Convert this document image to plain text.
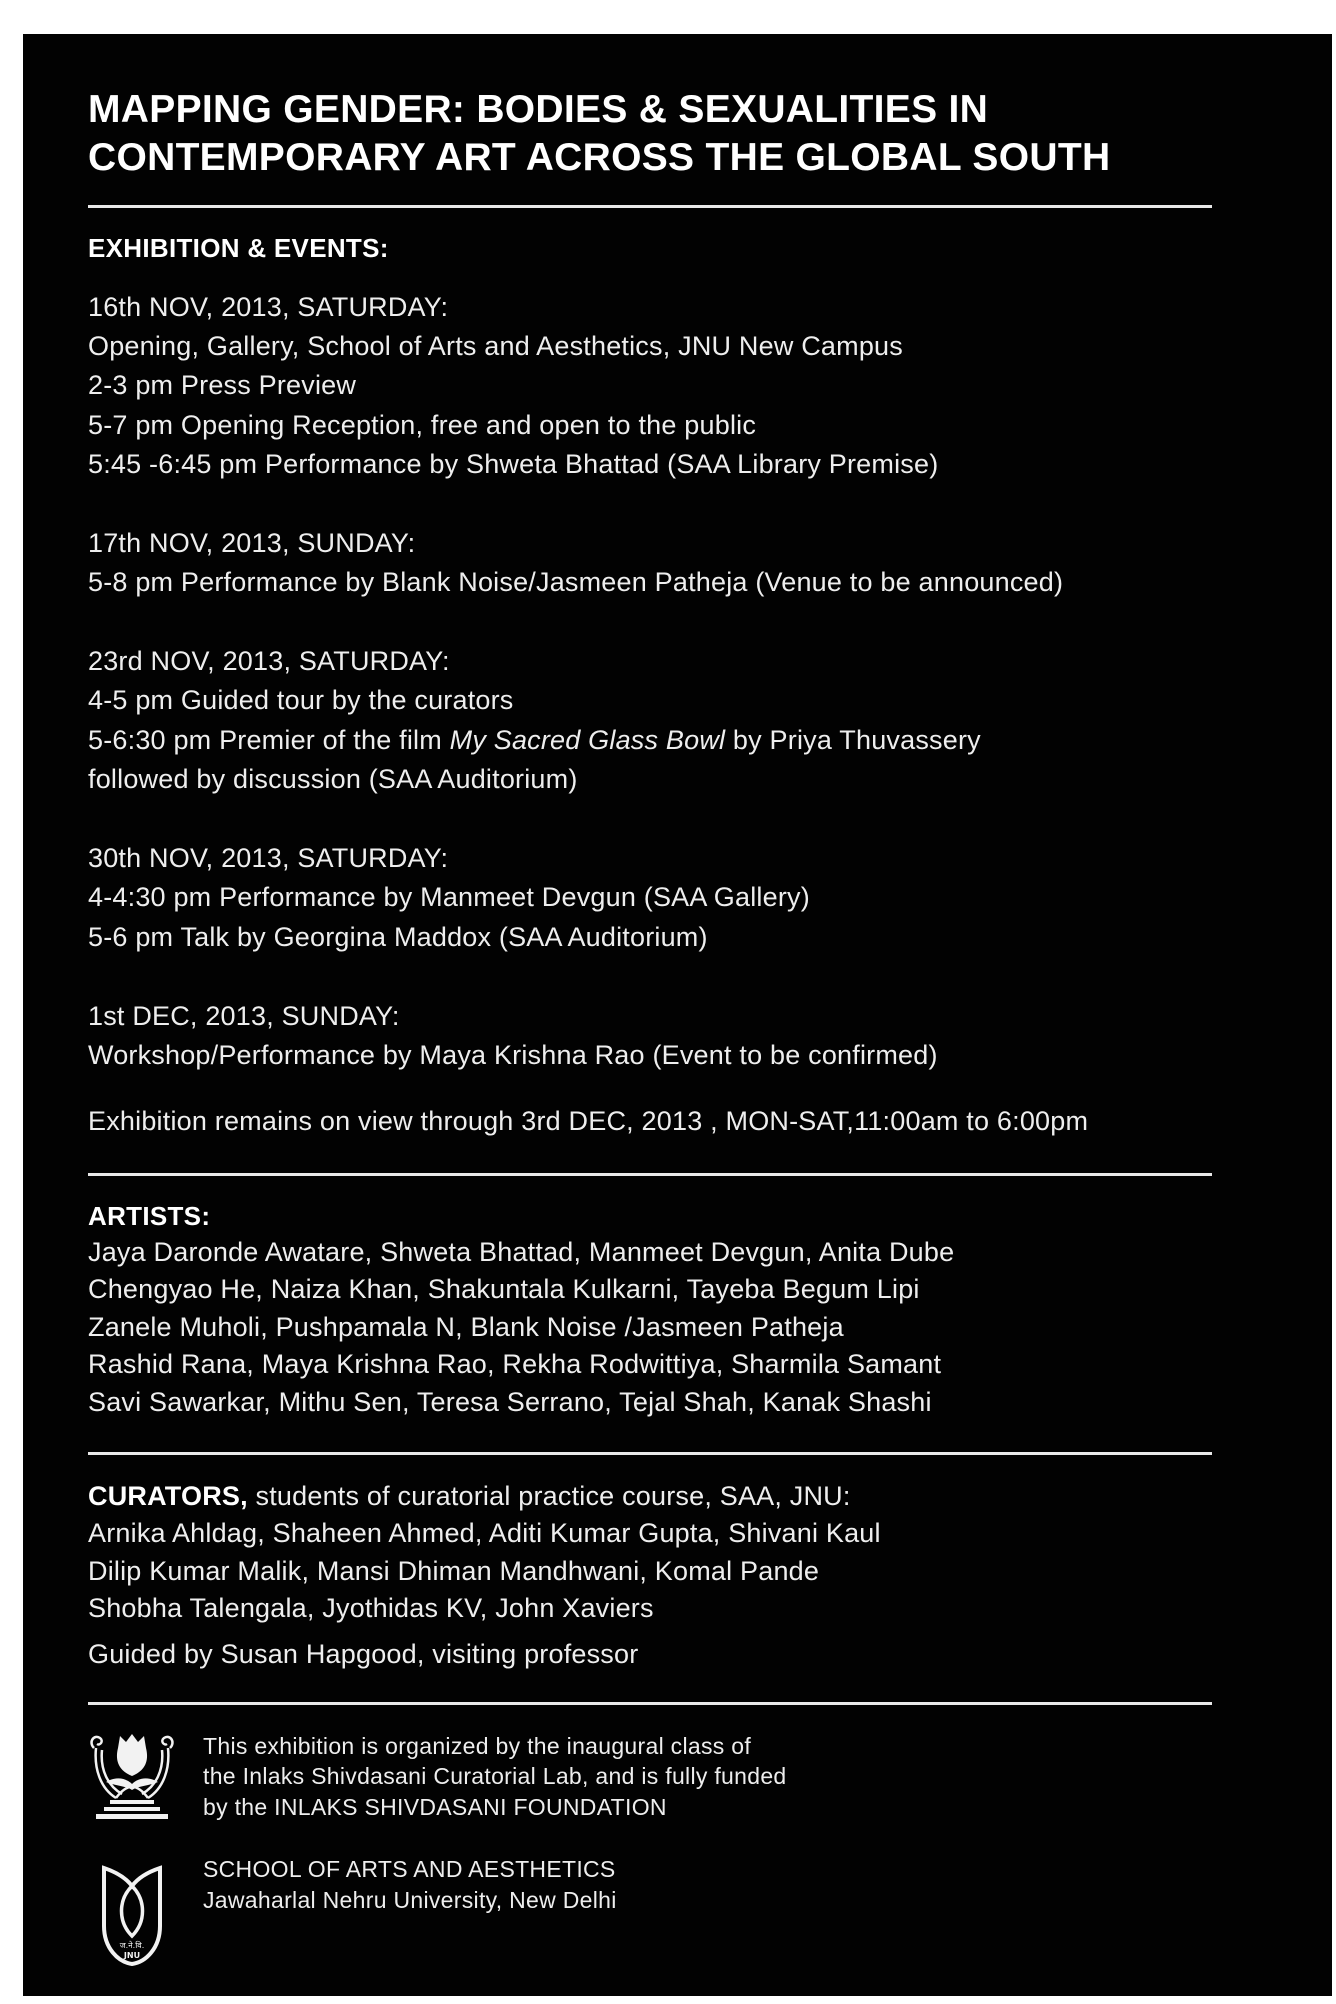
MAPPING GENDER: BODIES & SEXUALITIES IN
CONTEMPORARY ART ACROSS THE GLOBAL SOUTH
EXHIBITION & EVENTS:
16th NOV, 2013, SATURDAY:
Opening, Gallery, School of Arts and Aesthetics, JNU New Campus
2-3 pm Press Preview
5-7 pm Opening Reception, free and open to the public
5:45 -6:45 pm Performance by Shweta Bhattad (SAA Library Premise)
17th NOV, 2013, SUNDAY:
5-8 pm Performance by Blank Noise/Jasmeen Patheja (Venue to be announced)
23rd NOV, 2013, SATURDAY:
4-5 pm Guided tour by the curators
5-6:30 pm Premier of the film My Sacred Glass Bowl by Priya Thuvassery
followed by discussion (SAA Auditorium)
30th NOV, 2013, SATURDAY:
4-4:30 pm Performance by Manmeet Devgun (SAA Gallery)
5-6 pm Talk by Georgina Maddox (SAA Auditorium)
1st DEC, 2013, SUNDAY:
Workshop/Performance by Maya Krishna Rao (Event to be confirmed)
Exhibition remains on view through 3rd DEC, 2013 , MON-SAT,11:00am to 6:00pm
ARTISTS:
Jaya Daronde Awatare, Shweta Bhattad, Manmeet Devgun, Anita Dube
Chengyao He, Naiza Khan, Shakuntala Kulkarni, Tayeba Begum Lipi
Zanele Muholi, Pushpamala N, Blank Noise /Jasmeen Patheja
Rashid Rana, Maya Krishna Rao, Rekha Rodwittiya, Sharmila Samant
Savi Sawarkar, Mithu Sen, Teresa Serrano, Tejal Shah, Kanak Shashi
CURATORS, students of curatorial practice course, SAA, JNU:
Arnika Ahldag, Shaheen Ahmed, Aditi Kumar Gupta, Shivani Kaul
Dilip Kumar Malik, Mansi Dhiman Mandhwani, Komal Pande
Shobha Talengala, Jyothidas KV, John Xaviers
Guided by Susan Hapgood, visiting professor
This exhibition is organized by the inaugural class of
the Inlaks Shivdasani Curatorial Lab, and is fully funded
by the INLAKS SHIVDASANI FOUNDATION
ज.ने.वि.
JNU
SCHOOL OF ARTS AND AESTHETICS
Jawaharlal Nehru University, New Delhi
